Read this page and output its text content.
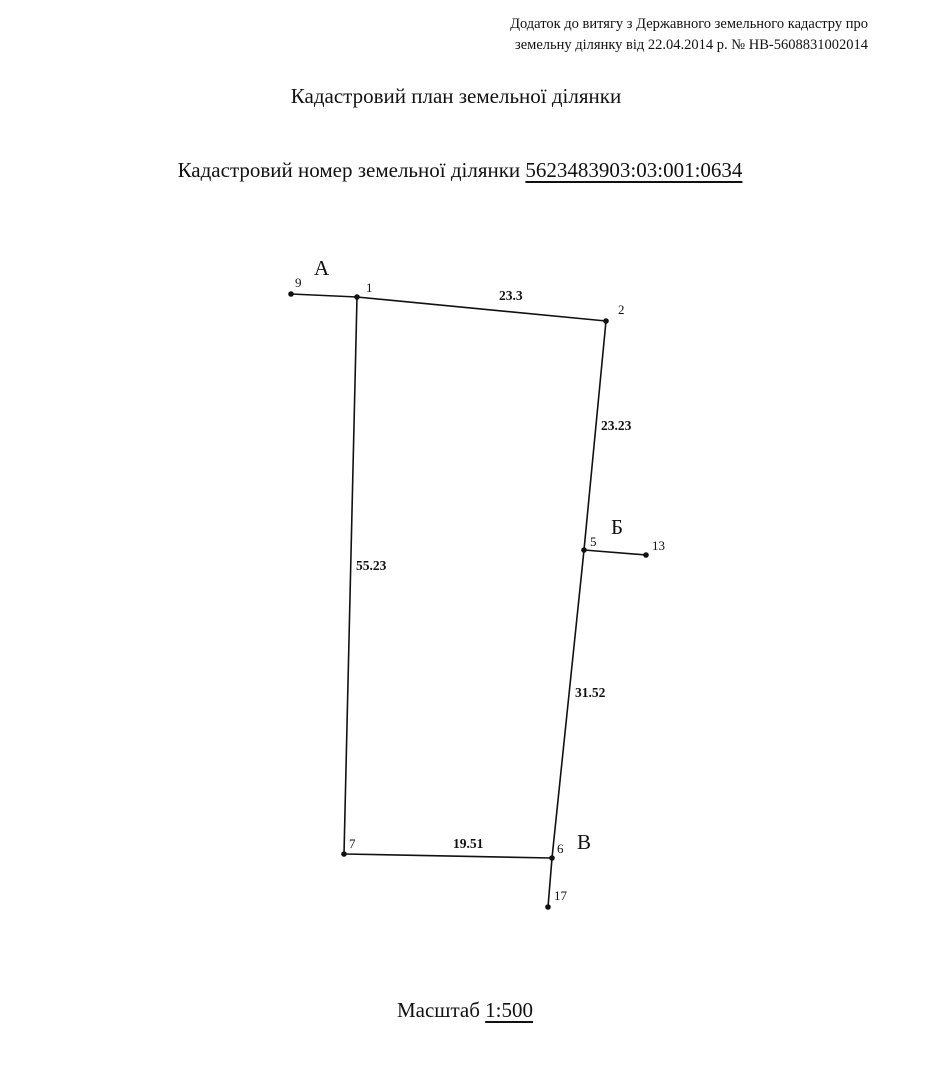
Додаток до витягу з Державного земельного кадастру про
земельну ділянку від 22.04.2014 р. № НВ-5608831002014
Кадастровий план земельної ділянки
Кадастровий номер земельної ділянки 5623483903:03:001:0634
1
2
5
6
7
9
13
17
А
Б
В
23.3
23.23
31.52
19.51
55.23
Масштаб 1:500
